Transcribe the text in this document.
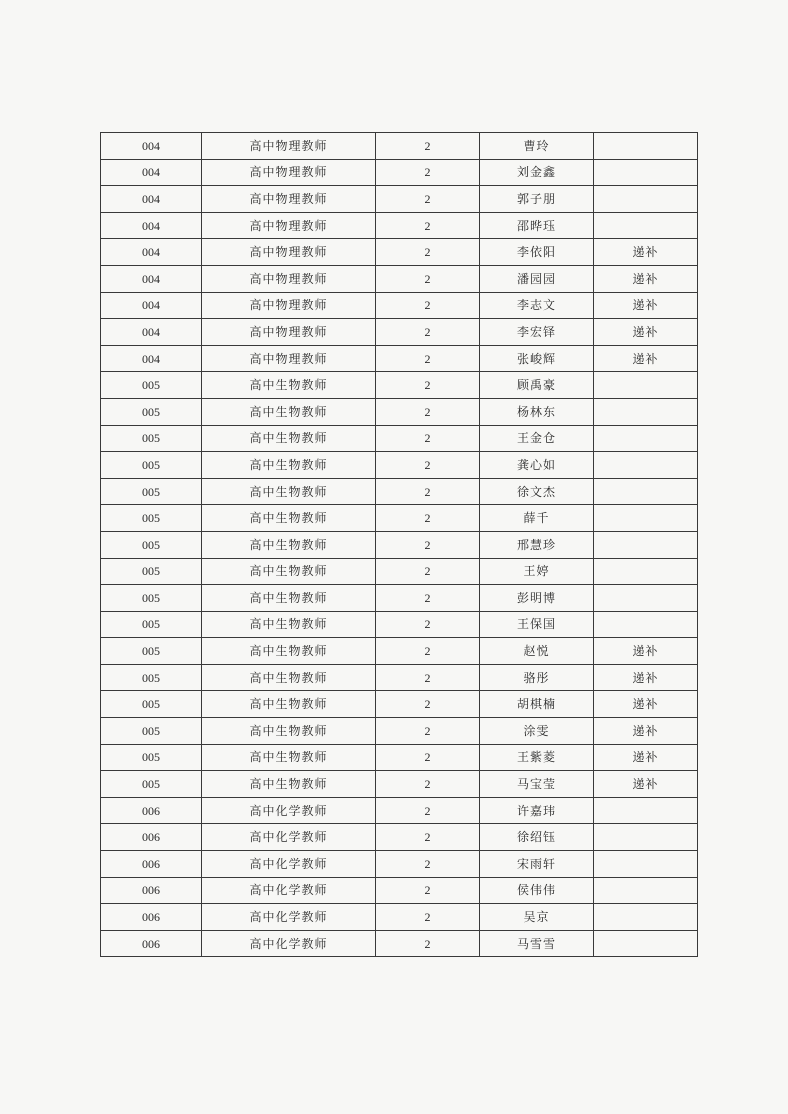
004	高中物理教师	2	曹玲	
004	高中物理教师	2	刘金鑫	
004	高中物理教师	2	郭子朋	
004	高中物理教师	2	邵晔珏	
004	高中物理教师	2	李依阳	递补
004	高中物理教师	2	潘园园	递补
004	高中物理教师	2	李志文	递补
004	高中物理教师	2	李宏铎	递补
004	高中物理教师	2	张峻辉	递补
005	高中生物教师	2	顾禹豪	
005	高中生物教师	2	杨林东	
005	高中生物教师	2	王金仓	
005	高中生物教师	2	龚心如	
005	高中生物教师	2	徐文杰	
005	高中生物教师	2	薛千	
005	高中生物教师	2	邢慧珍	
005	高中生物教师	2	王婷	
005	高中生物教师	2	彭明博	
005	高中生物教师	2	王保国	
005	高中生物教师	2	赵悦	递补
005	高中生物教师	2	骆彤	递补
005	高中生物教师	2	胡棋楠	递补
005	高中生物教师	2	涂雯	递补
005	高中生物教师	2	王紫菱	递补
005	高中生物教师	2	马宝莹	递补
006	高中化学教师	2	许嘉玮	
006	高中化学教师	2	徐绍钰	
006	高中化学教师	2	宋雨轩	
006	高中化学教师	2	侯伟伟	
006	高中化学教师	2	吴京	
006	高中化学教师	2	马雪雪	
